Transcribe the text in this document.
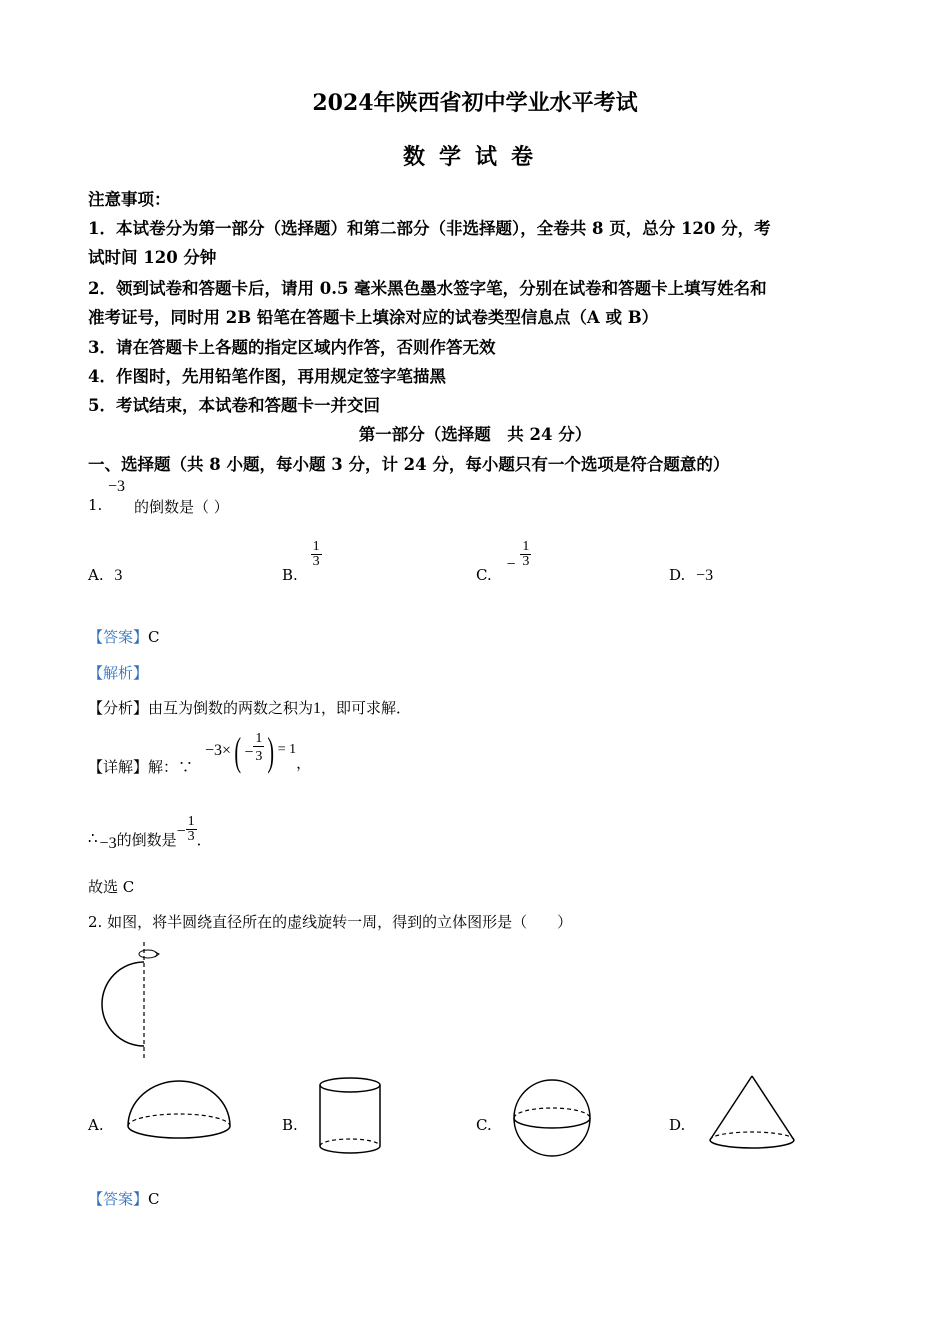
2024年陕西省初中学业水平考试
数学试卷
注意事项：
1．本试卷分为第一部分（选择题）和第二部分（非选择题），全卷共 8 页，总分 120 分，考
试时间 120 分钟
2．领到试卷和答题卡后，请用 0.5 毫米黑色墨水签字笔，分别在试卷和答题卡上填写姓名和
准考证号，同时用 2B 铅笔在答题卡上填涂对应的试卷类型信息点（A 或 B）
3．请在答题卡上各题的指定区域内作答，否则作答无效
4．作图时，先用铅笔作图，再用规定签字笔描黑
5．考试结束，本试卷和答题卡一并交回
第一部分（选择题　共 24 分）
一、选择题（共 8 小题，每小题 3 分，计 24 分，每小题只有一个选项是符合题意的）
1.
−3
的倒数是（ ）
A. 3	B.
$\frac{1}{3}$
C. − $\frac{1}{3}$
D. −3
【答案】C
【解析】
【分析】由互为倒数的两数之积为1，即可求解．
【详解】解：∵
$-3\times( - \frac{1}{3}$ ) = 1，
∴ −3的倒数是− $\frac{1}{3}$ ．
故选 C
2. 如图，将半圆绕直径所在的虚线旋转一周，得到的立体图形是（　　）
A.	B.	C.	D.
【答案】C
